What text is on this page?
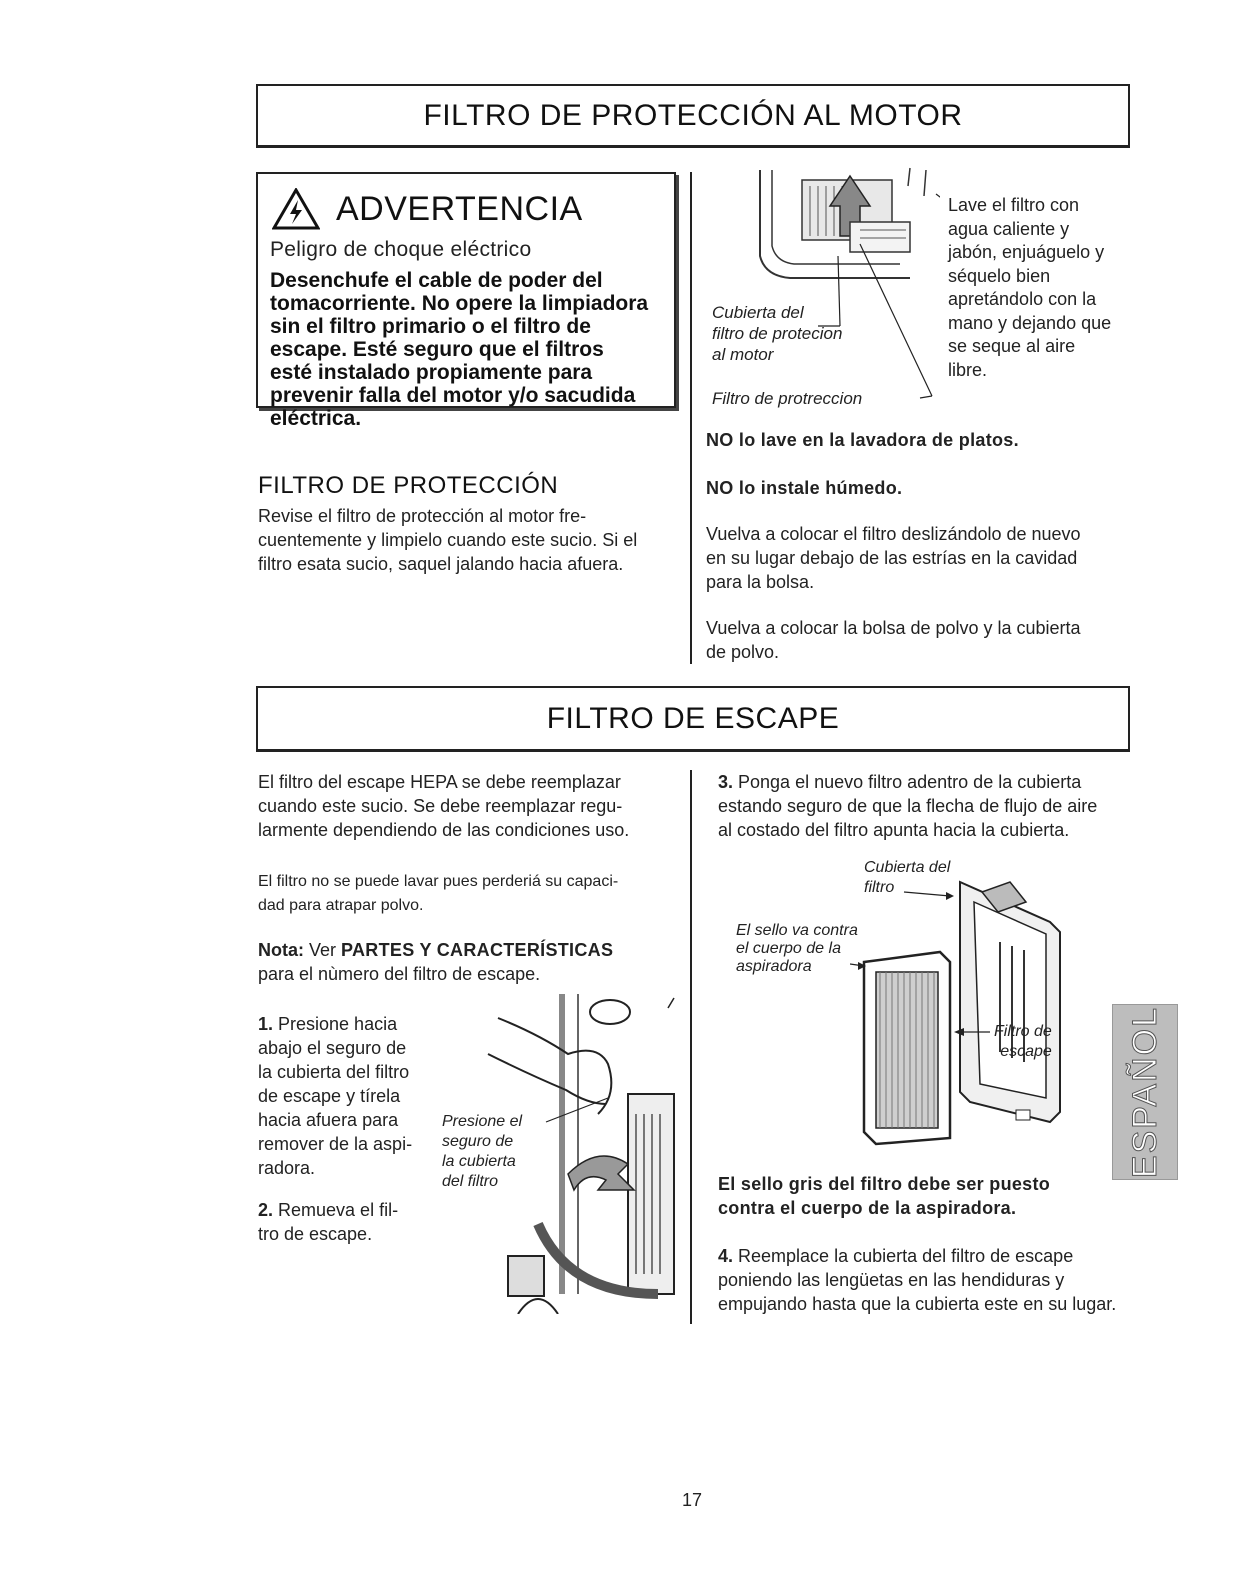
FILTRO DE PROTECCIÓN AL MOTOR
ADVERTENCIA
Peligro de choque eléctrico
Desenchufe el cable de poder del
tomacorriente. No opere la limpiadora
sin el filtro primario o el filtro de
escape. Esté seguro que el filtros
esté instalado propiamente para
prevenir falla del motor y/o sacudida
eléctrica.
FILTRO DE PROTECCIÓN
Revise el filtro de protección al motor fre-
cuentemente y limpielo cuando este sucio. Si el
filtro esata sucio, saquel jalando hacia afuera.
Cubierta del
filtro de protecion
al motor
Filtro de protreccion
Lave el filtro con
agua caliente y
jabón, enjuáguelo y
séquelo bien
apretándolo con la
mano y dejando que
se seque al aire
libre.
NO lo lave en la lavadora de platos.
NO lo instale húmedo.
Vuelva a colocar el filtro deslizándolo de nuevo
en su lugar debajo de las estrías en la cavidad
para la bolsa.
Vuelva a colocar la bolsa de polvo y la cubierta
de polvo.
FILTRO DE ESCAPE
El filtro del escape HEPA se debe reemplazar
cuando este sucio. Se debe reemplazar regu-
larmente dependiendo de las condiciones uso.
El filtro no se puede lavar pues perderiá su capaci-
dad para atrapar polvo.
Nota: Ver PARTES Y CARACTERÍSTICAS
para el nùmero del filtro de escape.
1. Presione hacia
abajo el seguro de
la cubierta del filtro
de escape y tírela
hacia afuera para
remover de la aspi-
radora.
2. Remueva el fil-
tro de escape.
Presione el
seguro de
la cubierta
del filtro
3. Ponga el nuevo filtro adentro de la cubierta
estando seguro de que la flecha de flujo de aire
al costado del filtro apunta hacia la cubierta.
Cubierta del
filtro
El sello va contra
el cuerpo de la
aspiradora
Filtro de
escape
El sello gris del filtro debe ser puesto
contra el cuerpo de la aspiradora.
4. Reemplace la cubierta del filtro de escape
poniendo las lengüetas en las hendiduras y
empujando hasta que la cubierta este en su lugar.
ESPAÑOL
17
